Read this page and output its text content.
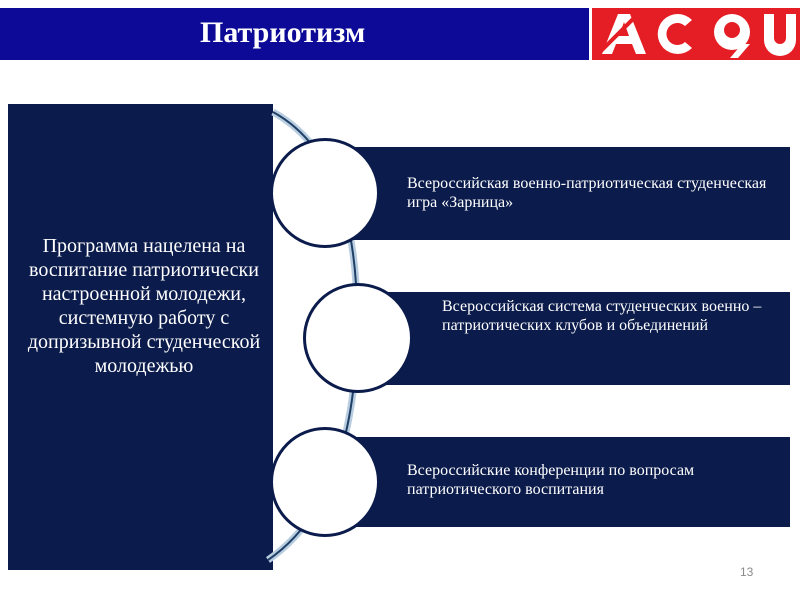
Патриотизм
Программа нацелена на воспитание патриотически настроенной молодежи, системную работу с допризывной студенческой молодежью
Всероссийская военно-патриотическая студенческая игра «Зарница»
Всероссийская система студенческих военно – патриотических клубов и объединений
Всероссийские конференции по вопросам патриотического воспитания
13
